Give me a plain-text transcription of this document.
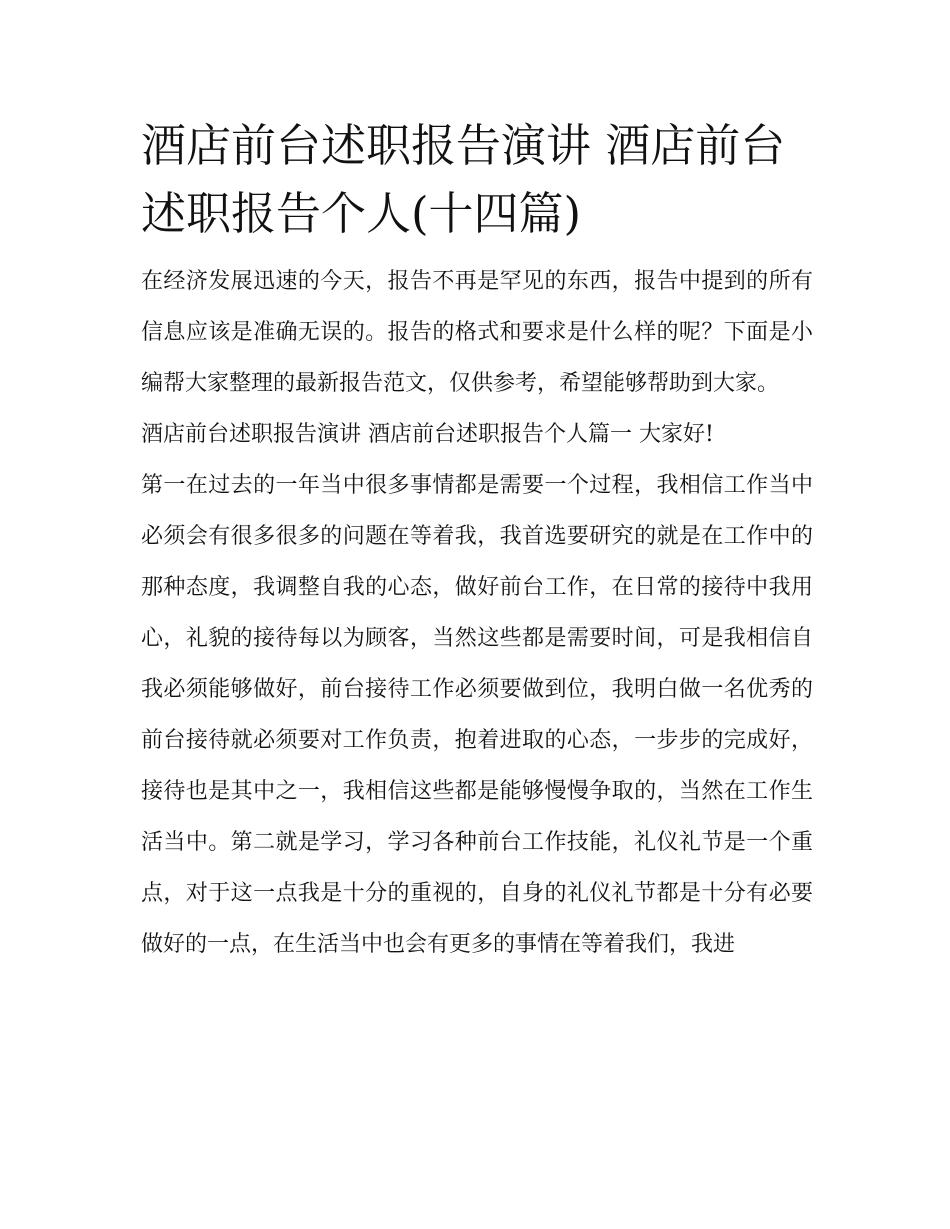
酒店前台述职报告演讲 酒店前台述职报告个人(十四篇)

在经济发展迅速的今天，报告不再是罕见的东西，报告中提到的所有信息应该是准确无误的。报告的格式和要求是什么样的呢？下面是小编帮大家整理的最新报告范文，仅供参考，希望能够帮助到大家。

酒店前台述职报告演讲 酒店前台述职报告个人篇一 大家好!

第一在过去的一年当中很多事情都是需要一个过程，我相信工作当中必须会有很多很多的问题在等着我，我首选要研究的就是在工作中的那种态度，我调整自我的心态，做好前台工作，在日常的接待中我用心，礼貌的接待每以为顾客，当然这些都是需要时间，可是我相信自我必须能够做好，前台接待工作必须要做到位，我明白做一名优秀的前台接待就必须要对工作负责，抱着进取的心态，一步步的完成好，接待也是其中之一，我相信这些都是能够慢慢争取的，当然在工作生活当中。第二就是学习，学习各种前台工作技能，礼仪礼节是一个重点，对于这一点我是十分的重视的，自身的礼仪礼节都是十分有必要做好的一点，在生活当中也会有更多的事情在等着我们，我进
